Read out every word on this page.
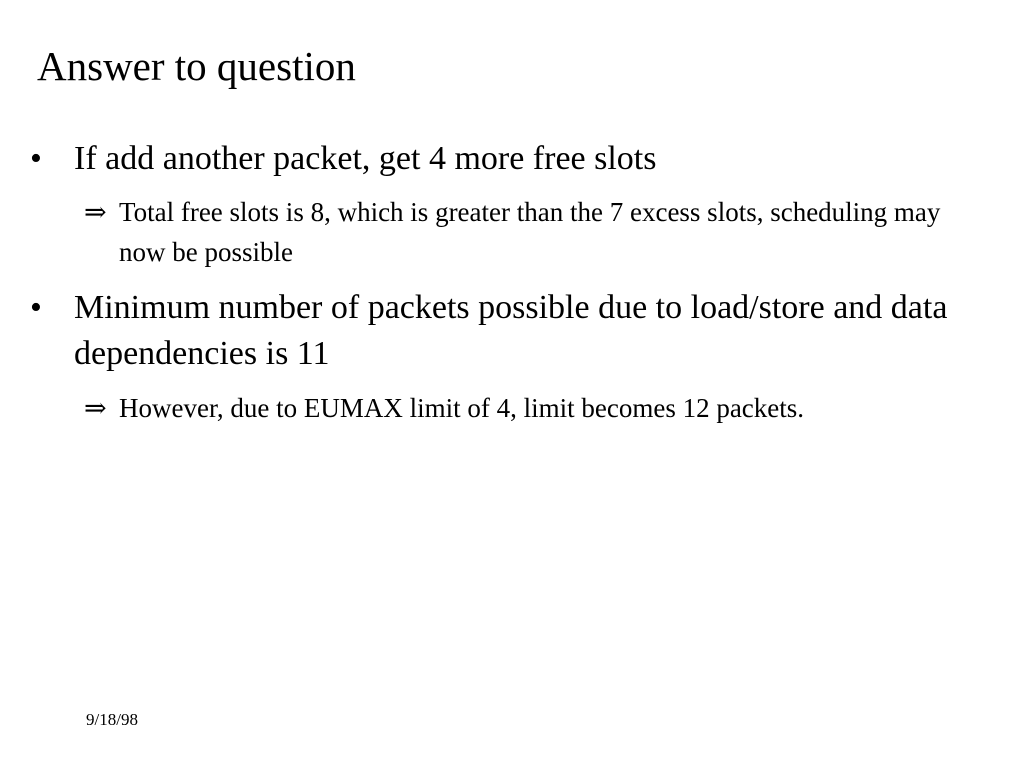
Answer to question
• If add another packet, get 4 more free slots
⇒ Total free slots is 8, which is greater than the 7 excess slots, scheduling may now be possible
• Minimum number of packets possible due to load/store and data dependencies is 11
⇒ However, due to EUMAX limit of 4, limit becomes 12 packets.
9/18/98
